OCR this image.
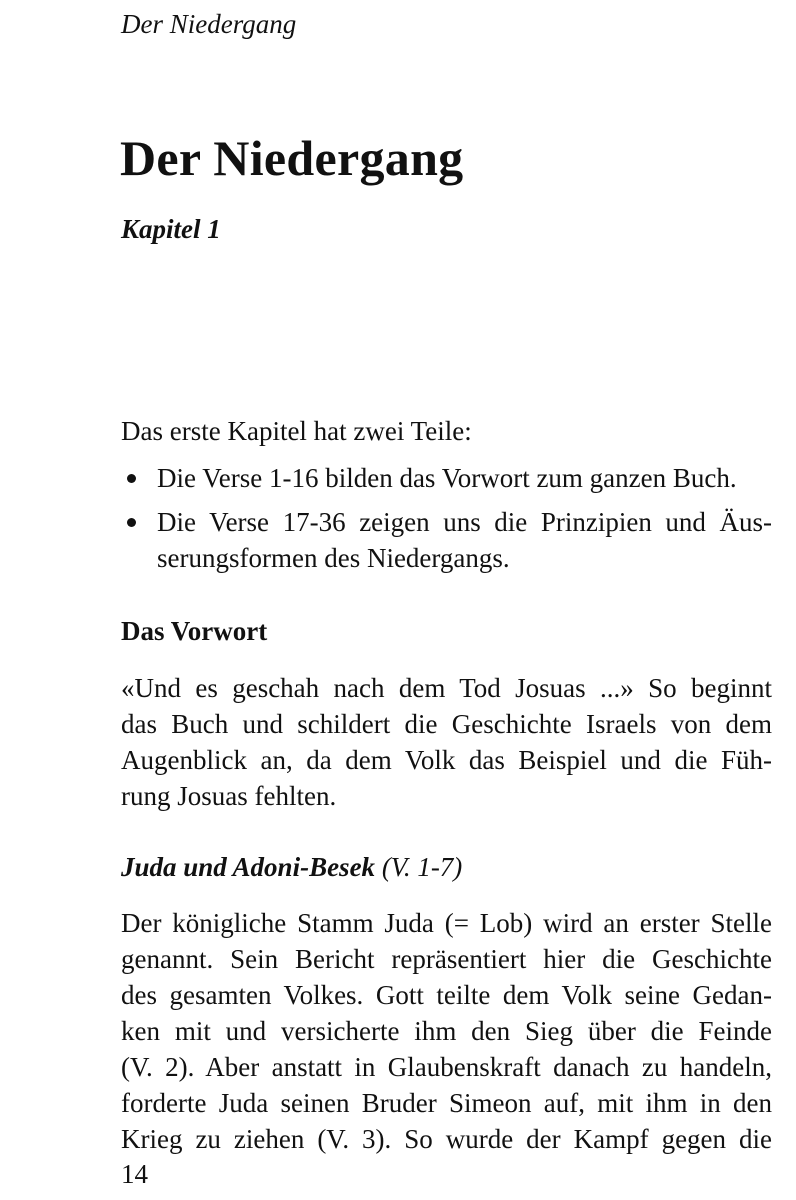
Der Niedergang
Der Niedergang
Kapitel 1
Das erste Kapitel hat zwei Teile:
Die Verse 1-16 bilden das Vorwort zum ganzen Buch.
Die Verse 17-36 zeigen uns die Prinzipien und Äus-
serungsformen des Niedergangs.
Das Vorwort
«Und es geschah nach dem Tod Josuas ...» So beginnt
das Buch und schildert die Geschichte Israels von dem
Augenblick an, da dem Volk das Beispiel und die Füh-
rung Josuas fehlten.
Juda und Adoni-Besek (V. 1-7)
Der königliche Stamm Juda (= Lob) wird an erster Stelle
genannt. Sein Bericht repräsentiert hier die Geschichte
des gesamten Volkes. Gott teilte dem Volk seine Gedan-
ken mit und versicherte ihm den Sieg über die Feinde
(V. 2). Aber anstatt in Glaubenskraft danach zu handeln,
forderte Juda seinen Bruder Simeon auf, mit ihm in den
Krieg zu ziehen (V. 3). So wurde der Kampf gegen die
14
